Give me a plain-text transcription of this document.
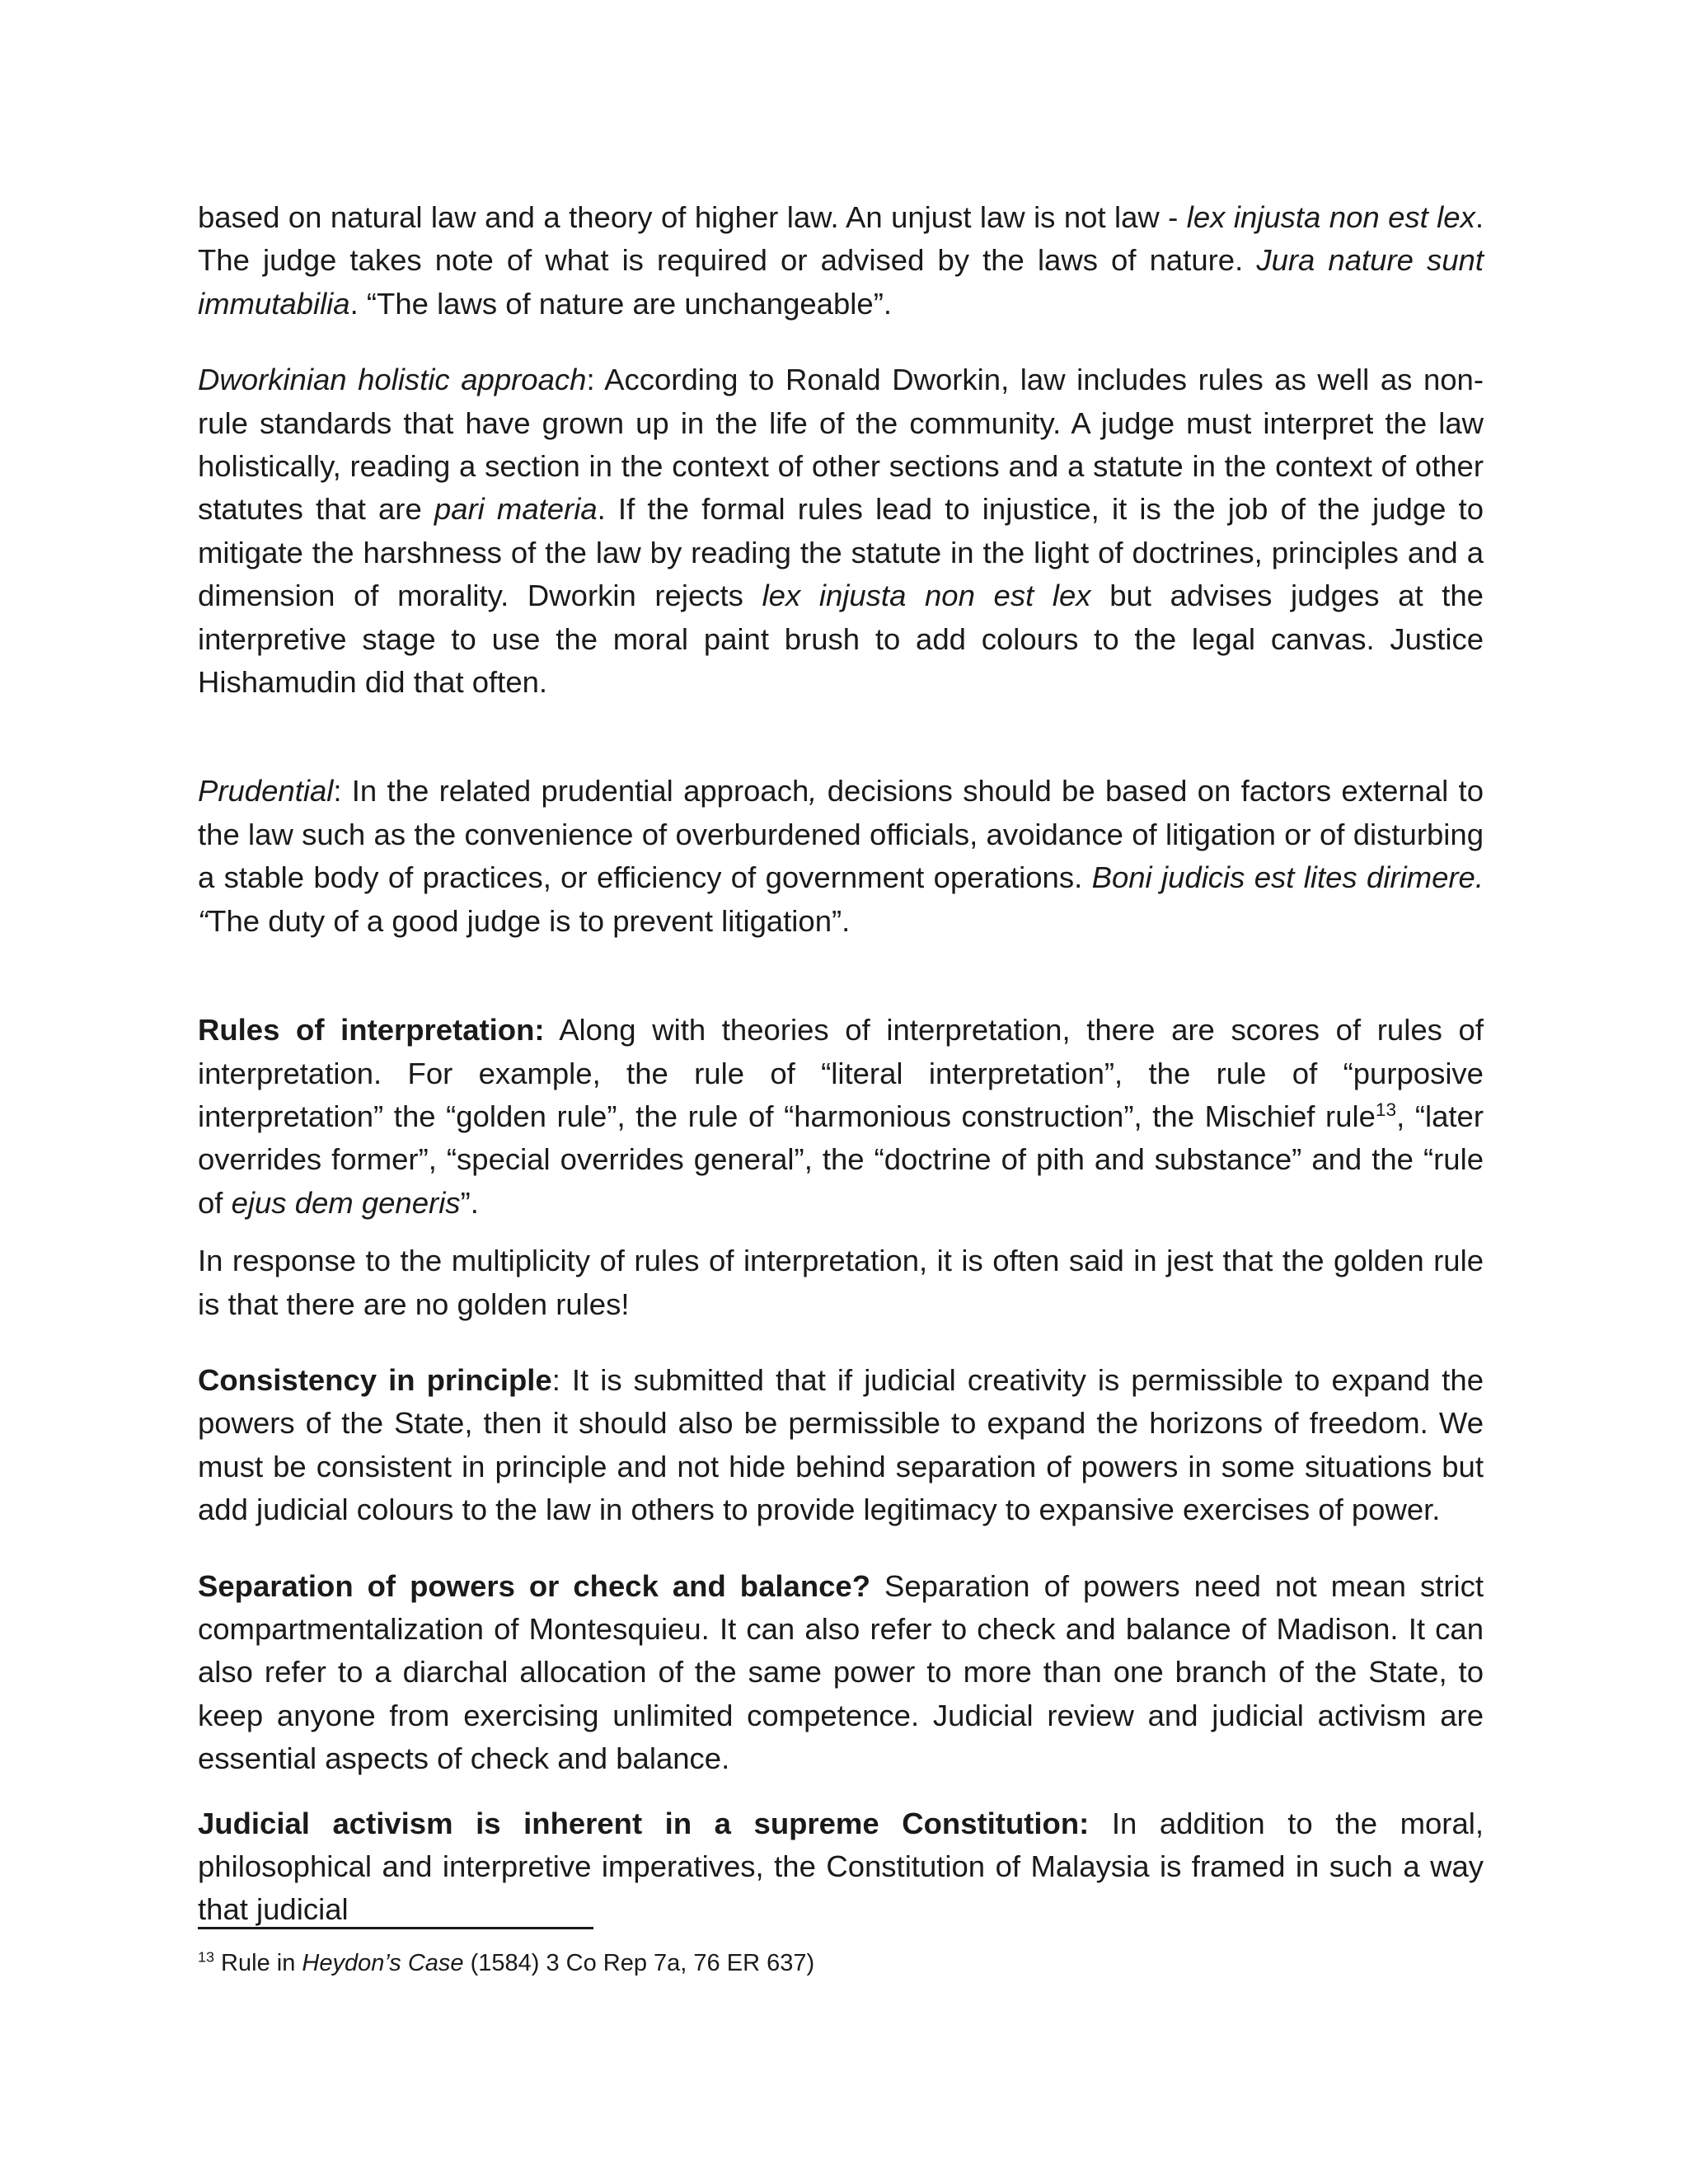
based on natural law and a theory of higher law. An unjust law is not law - lex injusta non est lex. The judge takes note of what is required or advised by the laws of nature. Jura nature sunt immutabilia. “The laws of nature are unchangeable”.

Dworkinian holistic approach: According to Ronald Dworkin, law includes rules as well as non-rule standards that have grown up in the life of the community. A judge must interpret the law holistically, reading a section in the context of other sections and a statute in the context of other statutes that are pari materia. If the formal rules lead to injustice, it is the job of the judge to mitigate the harshness of the law by reading the statute in the light of doctrines, principles and a dimension of morality. Dworkin rejects lex injusta non est lex but advises judges at the interpretive stage to use the moral paint brush to add colours to the legal canvas. Justice Hishamudin did that often.

Prudential: In the related prudential approach, decisions should be based on factors external to the law such as the convenience of overburdened officials, avoidance of litigation or of disturbing a stable body of practices, or efficiency of government operations. Boni judicis est lites dirimere. “The duty of a good judge is to prevent litigation”.

Rules of interpretation: Along with theories of interpretation, there are scores of rules of interpretation. For example, the rule of “literal interpretation”, the rule of “purposive interpretation” the “golden rule”, the rule of “harmonious construction”, the Mischief rule$^{13}$, “later overrides former”, “special overrides general”, the “doctrine of pith and substance” and the “rule of ejus dem generis”.

In response to the multiplicity of rules of interpretation, it is often said in jest that the golden rule is that there are no golden rules!

Consistency in principle: It is submitted that if judicial creativity is permissible to expand the powers of the State, then it should also be permissible to expand the horizons of freedom. We must be consistent in principle and not hide behind separation of powers in some situations but add judicial colours to the law in others to provide legitimacy to expansive exercises of power.

Separation of powers or check and balance? Separation of powers need not mean strict compartmentalization of Montesquieu. It can also refer to check and balance of Madison. It can also refer to a diarchal allocation of the same power to more than one branch of the State, to keep anyone from exercising unlimited competence. Judicial review and judicial activism are essential aspects of check and balance.

Judicial activism is inherent in a supreme Constitution: In addition to the moral, philosophical and interpretive imperatives, the Constitution of Malaysia is framed in such a way that judicial

$^{13}$ Rule in Heydon’s Case (1584) 3 Co Rep 7a, 76 ER 637)
